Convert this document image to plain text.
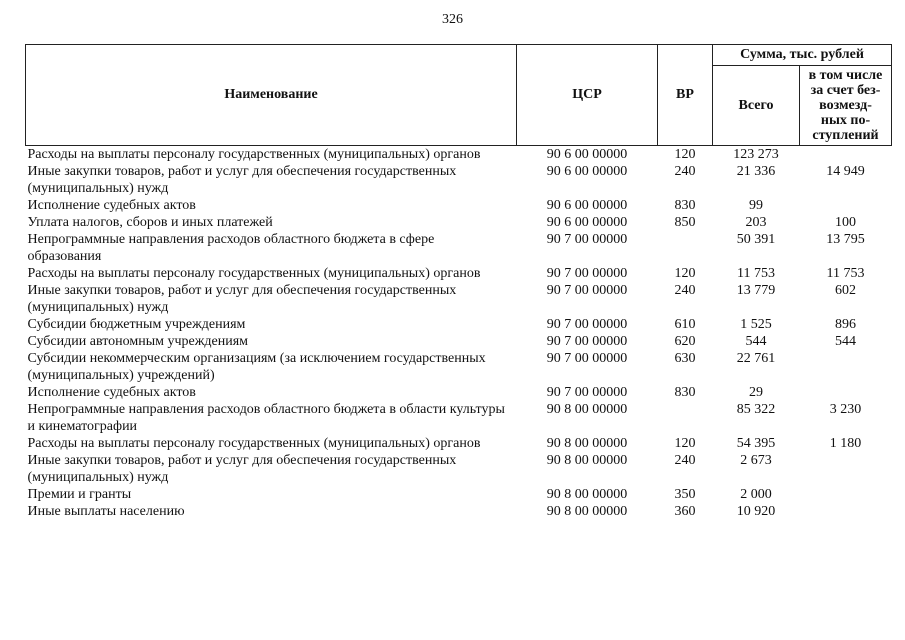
326
Наименование	ЦСР	ВР	Сумма, тыс. рублей	
			Всего	в том числе
за счет без-
возмезд-
ных по-
ступлений
Расходы на выплаты персоналу государственных (муниципальных) органов	90 6 00 00000	120	123 273	
Иные закупки товаров, работ и услуг для обеспечения государственных (муниципальных) нужд	90 6 00 00000	240	21 336	14 949
Исполнение судебных актов	90 6 00 00000	830	99	
Уплата налогов, сборов и иных платежей	90 6 00 00000	850	203	100
Непрограммные направления расходов областного бюджета в сфере образования	90 7 00 00000		50 391	13 795
Расходы на выплаты персоналу государственных (муниципальных) органов	90 7 00 00000	120	11 753	11 753
Иные закупки товаров, работ и услуг для обеспечения государственных (муниципальных) нужд	90 7 00 00000	240	13 779	602
Субсидии бюджетным учреждениям	90 7 00 00000	610	1 525	896
Субсидии автономным учреждениям	90 7 00 00000	620	544	544
Субсидии некоммерческим организациям (за исключением государственных (муниципальных) учреждений)	90 7 00 00000	630	22 761	
Исполнение судебных актов	90 7 00 00000	830	29	
Непрограммные направления расходов областного бюджета в области культуры и кинематографии	90 8 00 00000		85 322	3 230
Расходы на выплаты персоналу государственных (муниципальных) органов	90 8 00 00000	120	54 395	1 180
Иные закупки товаров, работ и услуг для обеспечения государственных (муниципальных) нужд	90 8 00 00000	240	2 673	
Премии и гранты	90 8 00 00000	350	2 000	
Иные выплаты населению	90 8 00 00000	360	10 920	
